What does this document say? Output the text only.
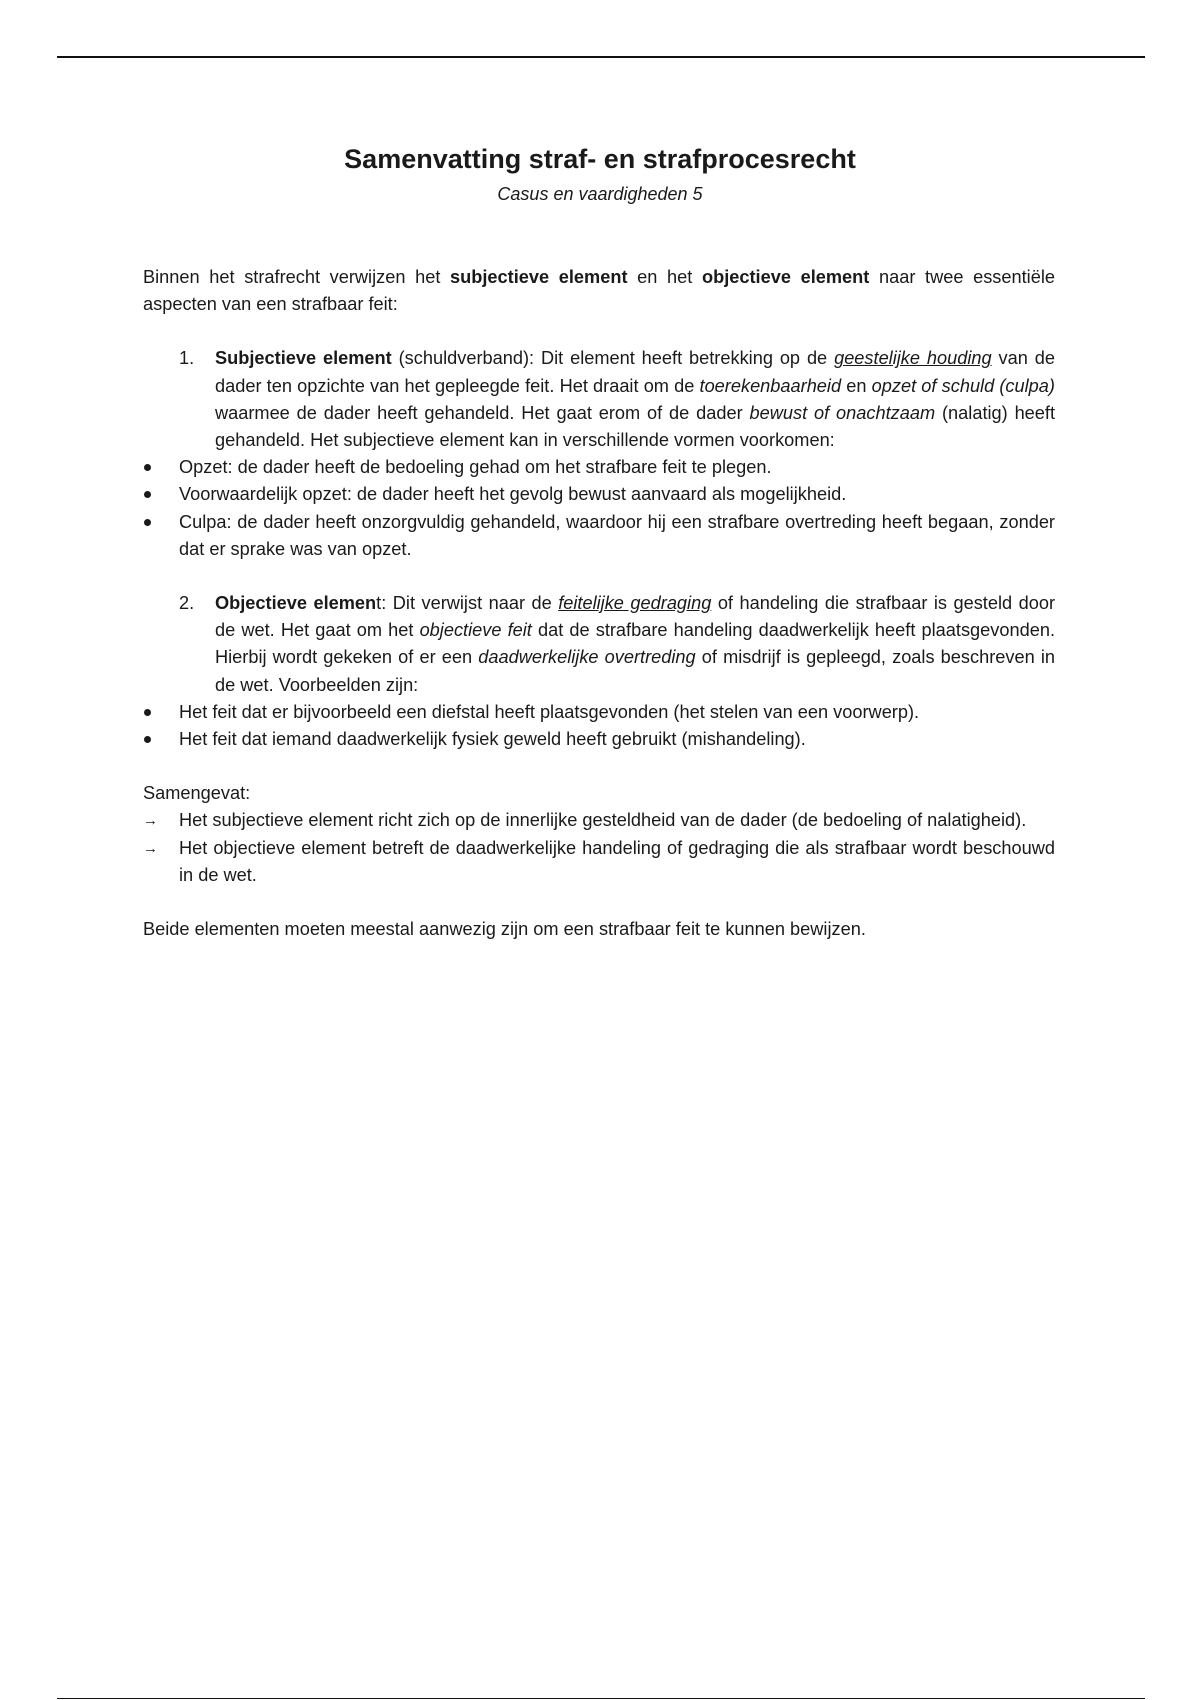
Samenvatting straf- en strafprocesrecht

Casus en vaardigheden 5

Binnen het strafrecht verwijzen het subjectieve element en het objectieve element naar twee essentiële aspecten van een strafbaar feit:

1.	Subjectieve element (schuldverband): Dit element heeft betrekking op de geestelijke houding van de dader ten opzichte van het gepleegde feit. Het draait om de toerekenbaarheid en opzet of schuld (culpa) waarmee de dader heeft gehandeld. Het gaat erom of de dader bewust of onachtzaam (nalatig) heeft gehandeld. Het subjectieve element kan in verschillende vormen voorkomen:

Opzet: de dader heeft de bedoeling gehad om het strafbare feit te plegen.

Voorwaardelijk opzet: de dader heeft het gevolg bewust aanvaard als mogelijkheid.

Culpa: de dader heeft onzorgvuldig gehandeld, waardoor hij een strafbare overtreding heeft begaan, zonder dat er sprake was van opzet.

2.	Objectieve element: Dit verwijst naar de feitelijke gedraging of handeling die strafbaar is gesteld door de wet. Het gaat om het objectieve feit dat de strafbare handeling daadwerkelijk heeft plaatsgevonden. Hierbij wordt gekeken of er een daadwerkelijke overtreding of misdrijf is gepleegd, zoals beschreven in de wet. Voorbeelden zijn:

Het feit dat er bijvoorbeeld een diefstal heeft plaatsgevonden (het stelen van een voorwerp).

Het feit dat iemand daadwerkelijk fysiek geweld heeft gebruikt (mishandeling).

Samengevat:

→	Het subjectieve element richt zich op de innerlijke gesteldheid van de dader (de bedoeling of nalatigheid).

→	Het objectieve element betreft de daadwerkelijke handeling of gedraging die als strafbaar wordt beschouwd in de wet.

Beide elementen moeten meestal aanwezig zijn om een strafbaar feit te kunnen bewijzen.
